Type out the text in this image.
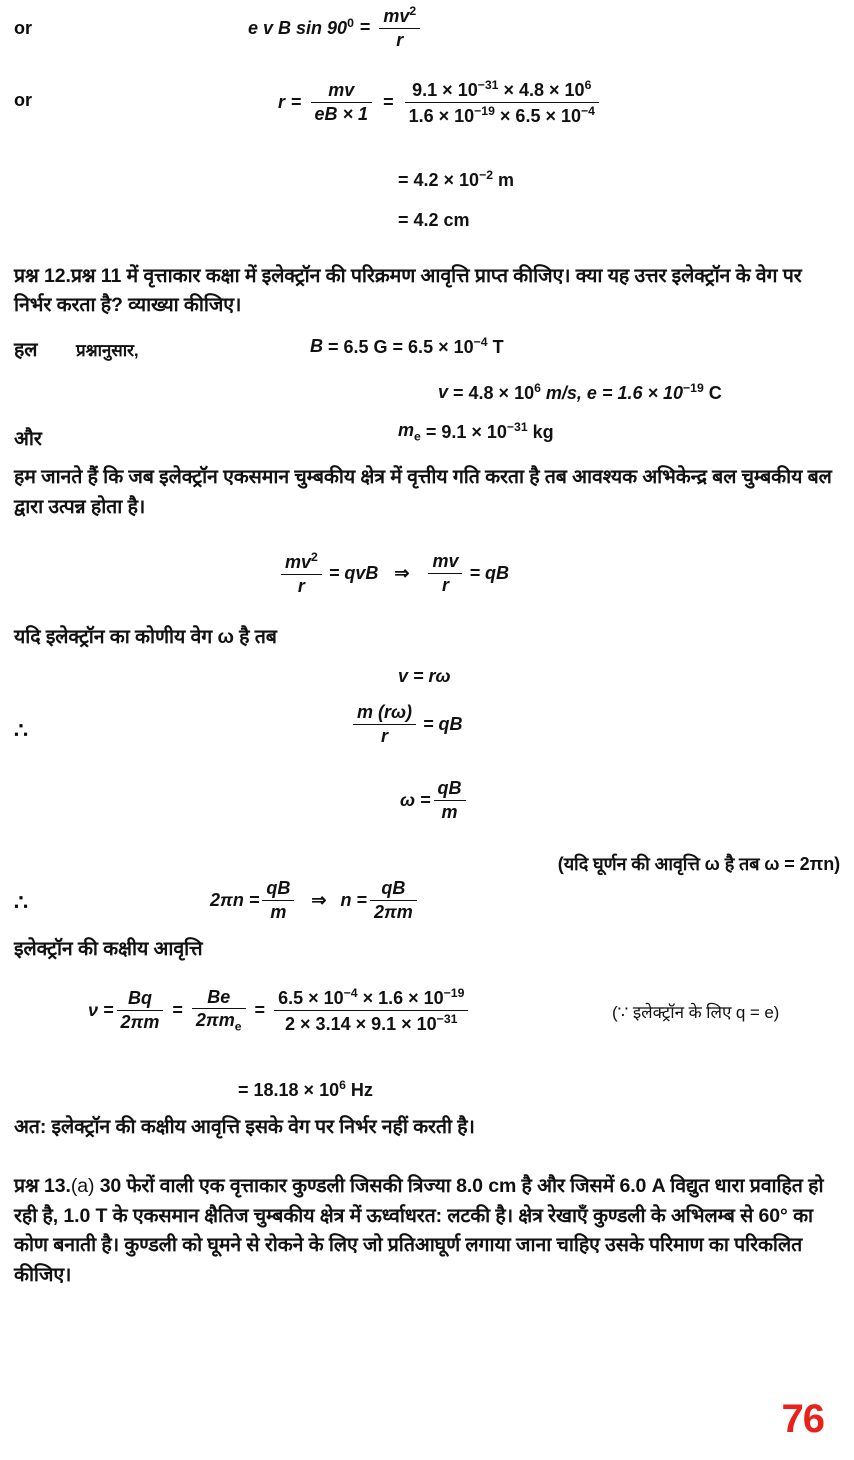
or	e v B $\sin 90^0 = \frac{mv^2}{r}$
or	$r = \frac{mv}{eB \times 1} = \frac{9.1 \times 10^{-31} \times 4.8 \times 10^6}{1.6 \times 10^{-19} \times 6.5 \times 10^{-4}}$
= $4.2 \times 10^{-2}$ m
= 4.2 cm
प्रश्न 12.प्रश्न 11 में वृत्ताकार कक्षा में इलेक्ट्रॉन की परिक्रमण आवृत्ति प्राप्त कीजिए। क्या यह उत्तर इलेक्ट्रॉन के वेग पर निर्भर करता है? व्याख्या कीजिए।
हल प्रश्नानुसार,	B = 6.5 $G = 6.5 \times 10^{-4}$ T
$v = 4.8 \times 10^6$ m/s, $e = 1.6 \times 10^{-19}$ C
और	$m_e = 9.1 \times 10^{-31}$ kg
हम जानते हैं कि जब इलेक्ट्रॉन एकसमान चुम्बकीय क्षेत्र में वृत्तीय गति करता है तब आवश्यक अभिकेन्द्र बल चुम्बकीय बल द्वारा उत्पन्न होता है।
$\frac{mv^2}{r}$ = qvB ⇒ $\frac{mv}{r}$ = qB
यदि इलेक्ट्रॉन का कोणीय वेग ω है तब
v = rω
∴	$\frac{m (r\omega)}{r}$ = qB
$\omega = \frac{qB}{m}$
(यदि घूर्णन की आवृत्ति ω है तब ω = 2πn)
∴	$2\pi n = \frac{qB}{m}$ ⇒ $n = \frac{qB}{2\pi m}$
इलेक्ट्रॉन की कक्षीय आवृत्ति
$\nu = \frac{Bq}{2\pi m} = \frac{Be}{2\pi m_e} = \frac{6.5 \times 10^{-4} \times 1.6 \times 10^{-19}}{2 \times 3.14 \times 9.1 \times 10^{-31}}$	(∵ इलेक्ट्रॉन के लिए q = e)
= $18.18 \times 10^6$ Hz
अत: इलेक्ट्रॉन की कक्षीय आवृत्ति इसके वेग पर निर्भर नहीं करती है।
प्रश्न 13.(a) 30 फेरों वाली एक वृत्ताकार कुण्डली जिसकी त्रिज्या 8.0 cm है और जिसमें 6.0 A विद्युत धारा प्रवाहित हो रही है, 1.0 T के एकसमान क्षैतिज चुम्बकीय क्षेत्र में ऊर्ध्वाधरत: लटकी है। क्षेत्र रेखाएँ कुण्डली के अभिलम्ब से 60° का कोण बनाती है। कुण्डली को घूमने से रोकने के लिए जो प्रतिआघूर्ण लगाया जाना चाहिए उसके परिमाण का परिकलित कीजिए।
76
